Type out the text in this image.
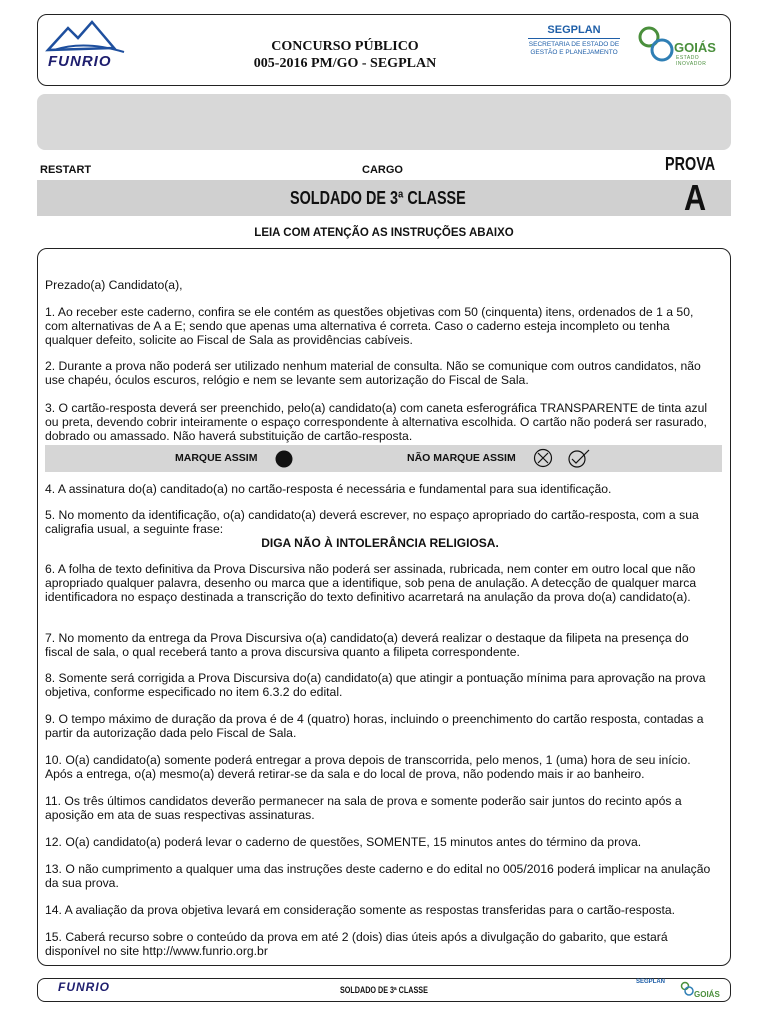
FUNRIO
CONCURSO PÚBLICO
005-2016 PM/GO - SEGPLAN
SEGPLAN
SECRETARIA DE ESTADO DE
GESTÃO E PLANEJAMENTO	GOIÁS
ESTADO INOVADOR
RESTART	CARGO	PROVA
SOLDADO DE 3ª CLASSE	A
LEIA COM ATENÇÃO AS INSTRUÇÕES ABAIXO
Prezado(a) Candidato(a),
1. Ao receber este caderno, confira se ele contém as questões objetivas com 50 (cinquenta) itens, ordenados de 1 a 50, com alternativas de A a E; sendo que apenas uma alternativa é correta. Caso o caderno esteja incompleto ou tenha qualquer defeito, solicite ao Fiscal de Sala as providências cabíveis.
2. Durante a prova não poderá ser utilizado nenhum material de consulta. Não se comunique com outros candidatos, não use chapéu, óculos escuros, relógio e nem se levante sem autorização do Fiscal de Sala.
3. O cartão-resposta deverá ser preenchido, pelo(a) candidato(a) com caneta esferográfica TRANSPARENTE de tinta azul ou preta, devendo cobrir inteiramente o espaço correspondente à alternativa escolhida. O cartão não poderá ser rasurado, dobrado ou amassado. Não haverá substituição de cartão-resposta.
MARQUE ASSIM	NÃO MARQUE ASSIM
4. A assinatura do(a) canditado(a) no cartão-resposta é necessária e fundamental para sua identificação.
5. No momento da identificação, o(a) candidato(a) deverá escrever, no espaço apropriado do cartão-resposta, com a sua caligrafia usual, a seguinte frase:
DIGA NÃO À INTOLERÂNCIA RELIGIOSA.
6. A folha de texto definitiva da Prova Discursiva não poderá ser assinada, rubricada, nem conter em outro local que não apropriado qualquer palavra, desenho ou marca que a identifique, sob pena de anulação. A detecção de qualquer marca identificadora no espaço destinada a transcrição do texto definitivo acarretará na anulação da prova do(a) candidato(a).
7. No momento da entrega da Prova Discursiva o(a) candidato(a) deverá realizar o destaque da filipeta na presença do fiscal de sala, o qual receberá tanto a prova discursiva quanto a filipeta correspondente.
8. Somente será corrigida a Prova Discursiva do(a) candidato(a) que atingir a pontuação mínima para aprovação na prova objetiva, conforme especificado no item 6.3.2 do edital.
9. O tempo máximo de duração da prova é de 4 (quatro) horas, incluindo o preenchimento do cartão resposta, contadas a partir da autorização dada pelo Fiscal de Sala.
10. O(a) candidato(a) somente poderá entregar a prova depois de transcorrida, pelo menos, 1 (uma) hora de seu início. Após a entrega, o(a) mesmo(a) deverá retirar-se da sala e do local de prova, não podendo mais ir ao banheiro.
11. Os três últimos candidatos deverão permanecer na sala de prova e somente poderão sair juntos do recinto após a aposição em ata de suas respectivas assinaturas.
12. O(a) candidato(a) poderá levar o caderno de questões, SOMENTE, 15 minutos antes do término da prova.
13. O não cumprimento a qualquer uma das instruções deste caderno e do edital no 005/2016 poderá implicar na anulação da sua prova.
14. A avaliação da prova objetiva levará em consideração somente as respostas transferidas para o cartão-resposta.
15. Caberá recurso sobre o conteúdo da prova em até 2 (dois) dias úteis após a divulgação do gabarito, que estará disponível no site http://www.funrio.org.br
FUNRIO	SOLDADO DE 3ª CLASSE
SEGPLAN
GOIÁS
